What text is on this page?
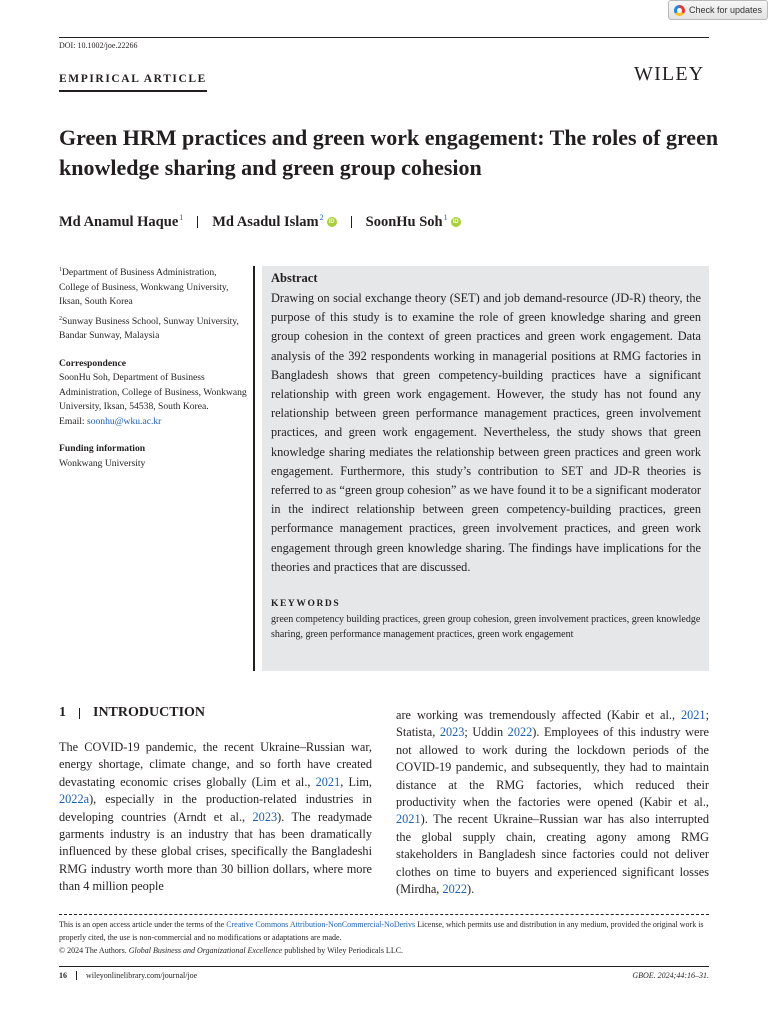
Check for updates
DOI: 10.1002/joe.22266
EMPIRICAL ARTICLE	WILEY
Green HRM practices and green work engagement: The roles of green knowledge sharing and green group cohesion
Md Anamul Haque$^1$ Md Asadul Islam$^2$ iD SoonHu Soh$^1$ iD

$^1$Department of Business Administration, College of Business, Wonkwang University, Iksan, South Korea

$^2$Sunway Business School, Sunway University, Bandar Sunway, Malaysia

Correspondence

SoonHu Soh, Department of Business Administration, College of Business, Wonkwang University, Iksan, 54538, South Korea.
Email: soonhu@wku.ac.kr

Funding information

Wonkwang University

Abstract

Drawing on social exchange theory (SET) and job demand-resource (JD-R) theory, the purpose of this study is to examine the role of green knowledge sharing and green group cohesion in the context of green practices and green work engagement. Data analysis of the 392 respondents working in managerial positions at RMG factories in Bangladesh shows that green competency-building practices have a significant relationship with green work engagement. However, the study has not found any relationship between green performance management practices, green involvement practices, and green work engagement. Nevertheless, the study shows that green knowledge sharing mediates the relationship between green practices and green work engagement. Furthermore, this study’s contribution to SET and JD-R theories is referred to as “green group cohesion” as we have found it to be a significant moderator in the indirect relationship between green competency-building practices, green performance management practices, green involvement practices, and green work engagement through green knowledge sharing. The findings have implications for the theories and practices that are discussed.

KEYWORDS

green competency building practices, green group cohesion, green involvement practices, green knowledge sharing, green performance management practices, green work engagement

1 INTRODUCTION

The COVID-19 pandemic, the recent Ukraine–Russian war, energy shortage, climate change, and so forth have created devastating economic crises globally (Lim et al., 2021, Lim, 2022a), especially in the production-related industries in developing countries (Arndt et al., 2023). The readymade garments industry is an industry that has been dramatically influenced by these global crises, specifically the Bangladeshi RMG industry worth more than 30 billion dollars, where more than 4 million people

are working was tremendously affected (Kabir et al., 2021; Statista, 2023; Uddin 2022). Employees of this industry were not allowed to work during the lockdown periods of the COVID-19 pandemic, and subsequently, they had to maintain distance at the RMG factories, which reduced their productivity when the factories were opened (Kabir et al., 2021). The recent Ukraine–Russian war has also interrupted the global supply chain, creating agony among RMG stakeholders in Bangladesh since factories could not deliver clothes on time to buyers and experienced significant losses (Mirdha, 2022).

This is an open access article under the terms of the Creative Commons Attribution-NonCommercial-NoDerivs License, which permits use and distribution in any medium, provided the original work is properly cited, the use is non-commercial and no modifications or adaptations are made.

© 2024 The Authors. Global Business and Organizational Excellence published by Wiley Periodicals LLC.

16 wileyonlinelibrary.com/journal/joe	GBOE. 2024;44:16–31.
